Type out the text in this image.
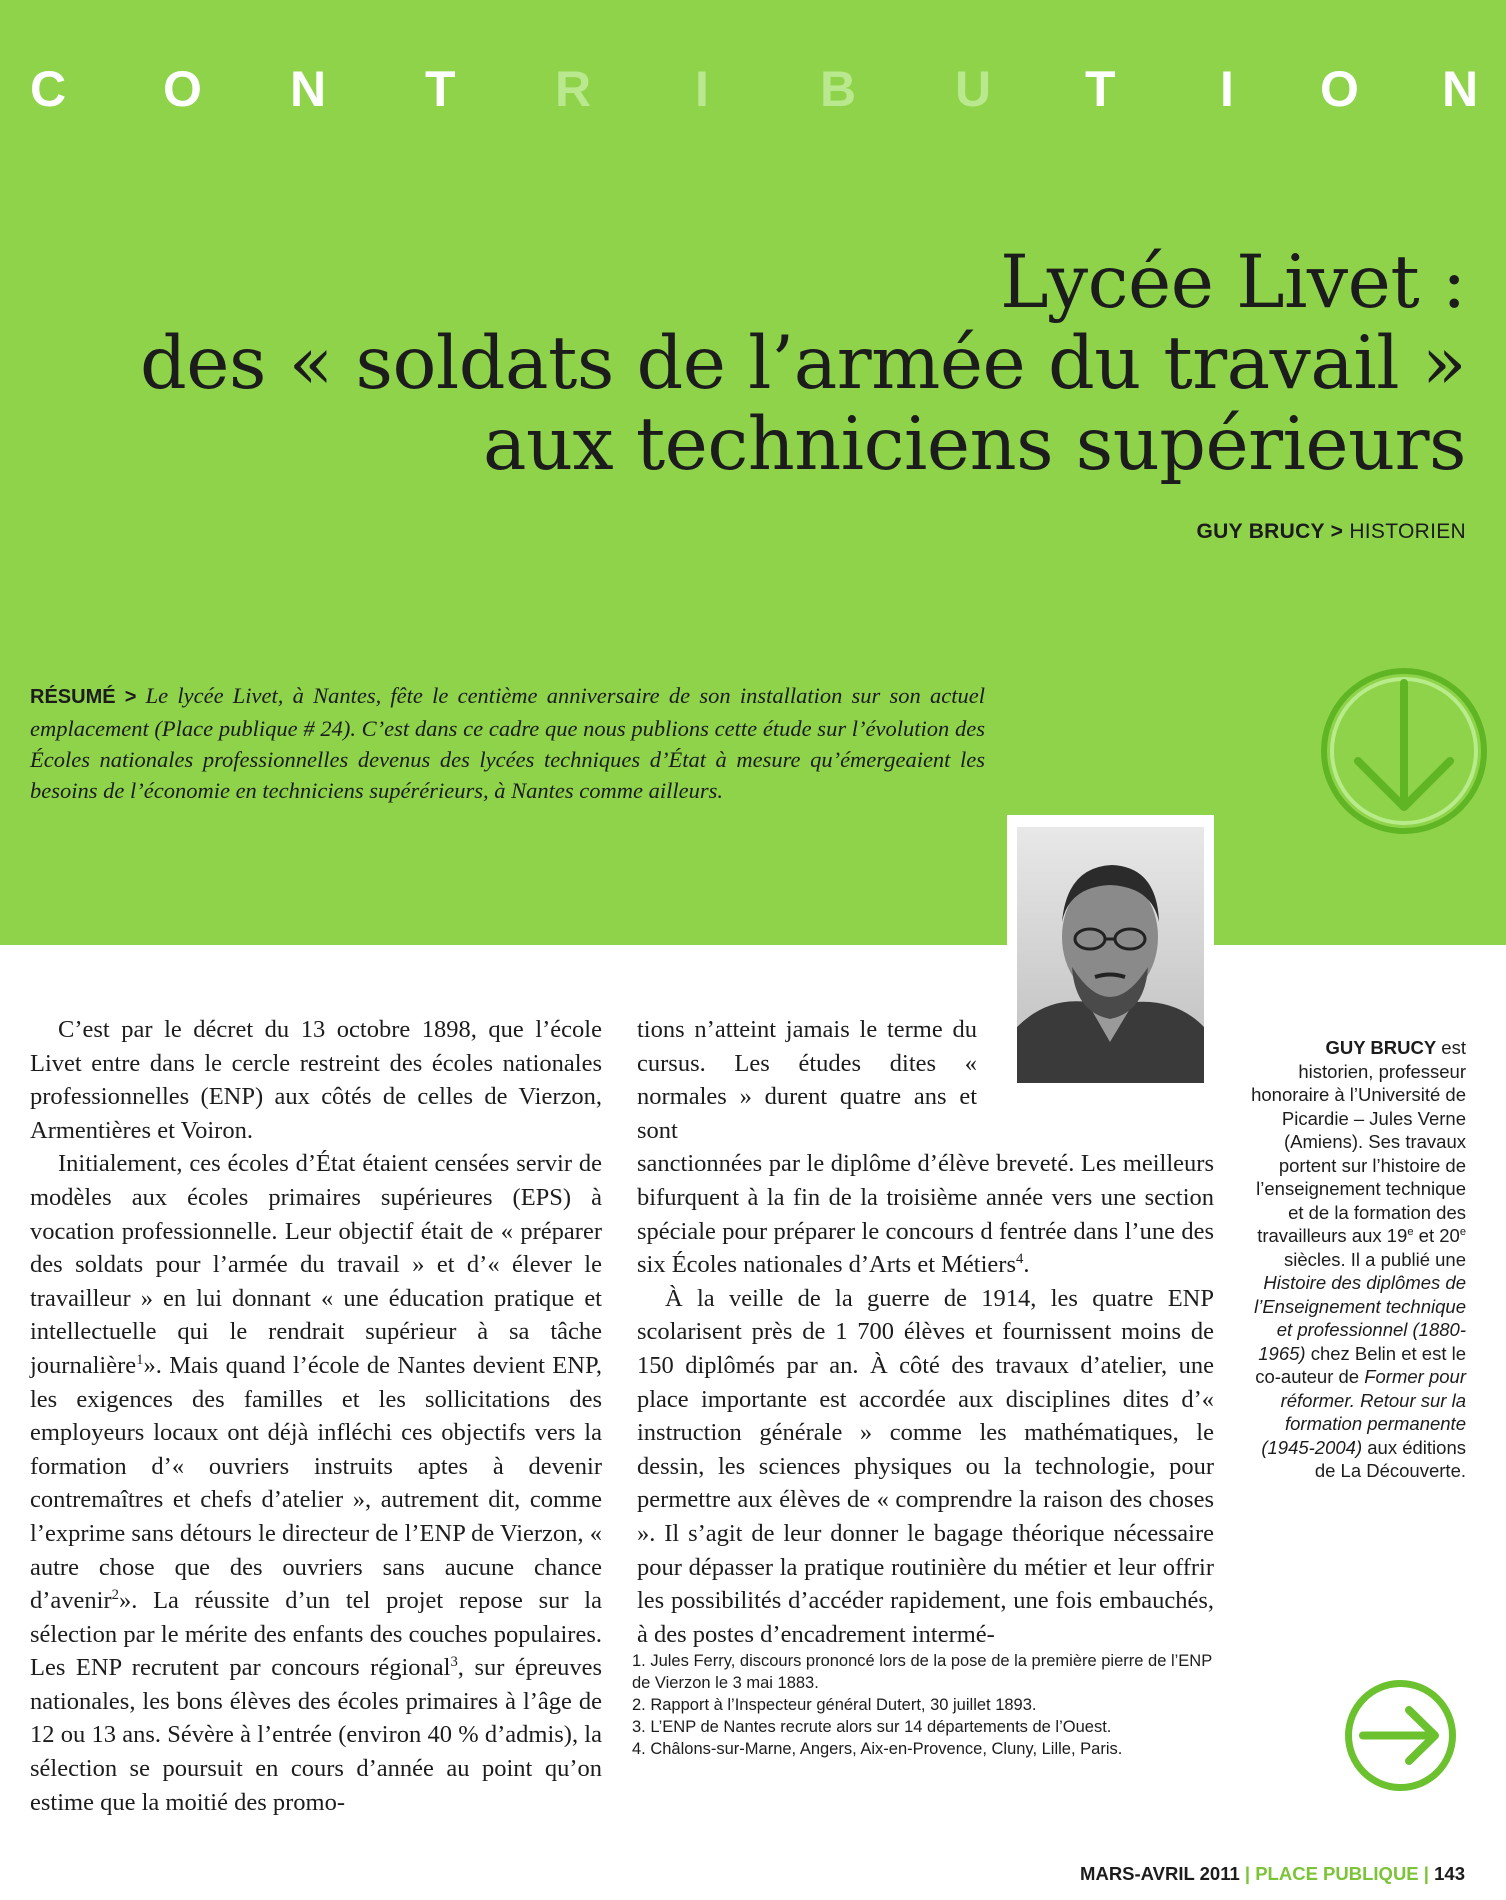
C O N T R I B U T I O N
Lycée Livet :
des « soldats de l’armée du travail »
aux techniciens supérieurs
GUY BRUCY > HISTORIEN
RÉSUMÉ > Le lycée Livet, à Nantes, fête le centième anniversaire de son installation sur son actuel emplacement (Place publique # 24). C’est dans ce cadre que nous publions cette étude sur l’évolution des Écoles nationales professionnelles devenus des lycées techniques d’État à mesure qu’émergeaient les besoins de l’économie en techniciens supérérieurs, à Nantes comme ailleurs.

C’est par le décret du 13 octobre 1898, que l’école Livet entre dans le cercle restreint des écoles nationales professionnelles (ENP) aux côtés de celles de Vierzon, Armentières et Voiron.

Initialement, ces écoles d’État étaient censées servir de modèles aux écoles primaires supérieures (EPS) à vocation professionnelle. Leur objectif était de « préparer des soldats pour l’armée du travail » et d’« élever le travailleur » en lui donnant « une éducation pratique et intellectuelle qui le rendrait supérieur à sa tâche journalière$^1$». Mais quand l’école de Nantes devient ENP, les exigences des familles et les sollicitations des employeurs locaux ont déjà infléchi ces objectifs vers la formation d’« ouvriers instruits aptes à devenir contremaîtres et chefs d’atelier », autrement dit, comme l’exprime sans détours le directeur de l’ENP de Vierzon, « autre chose que des ouvriers sans aucune chance d’avenir$^2$». La réussite d’un tel projet repose sur la sélection par le mérite des enfants des couches populaires. Les ENP recrutent par concours régional$^3$, sur épreuves nationales, les bons élèves des écoles primaires à l’âge de 12 ou 13 ans. Sévère à l’entrée (environ 40 % d’admis), la sélection se poursuit en cours d’année au point qu’on estime que la moitié des promo-

tions n’atteint jamais le terme du cursus. Les études dites « normales » durent quatre ans et sont

sanctionnées par le diplôme d’élève breveté. Les meilleurs bifurquent à la fin de la troisième année vers une section spéciale pour préparer le concours d fentrée dans l’une des six Écoles nationales d’Arts et Métiers$^4$.

À la veille de la guerre de 1914, les quatre ENP scolarisent près de 1 700 élèves et fournissent moins de 150 diplômés par an. À côté des travaux d’atelier, une place importante est accordée aux disciplines dites d’« instruction générale » comme les mathématiques, le dessin, les sciences physiques ou la technologie, pour permettre aux élèves de « comprendre la raison des choses ». Il s’agit de leur donner le bagage théorique nécessaire pour dépasser la pratique routinière du métier et leur offrir les possibilités d’accéder rapidement, une fois embauchés, à des postes d’encadrement intermé-

GUY BRUCY est historien, professeur honoraire à l’Université de Picardie – Jules Verne (Amiens). Ses travaux portent sur l’histoire de l’enseignement technique et de la formation des travailleurs aux 19e et 20e siècles. Il a publié une Histoire des diplômes de l’Enseignement technique et professionnel (1880-1965) chez Belin et est le co-auteur de Former pour réformer. Retour sur la formation permanente (1945-2004) aux éditions de La Découverte.
1. Jules Ferry, discours prononcé lors de la pose de la première pierre de l’ENP de Vierzon le 3 mai 1883.
2. Rapport à l’Inspecteur général Dutert, 30 juillet 1893.
3. L’ENP de Nantes recrute alors sur 14 départements de l’Ouest.
4. Châlons-sur-Marne, Angers, Aix-en-Provence, Cluny, Lille, Paris.
MARS-AVRIL 2011 | PLACE PUBLIQUE | 143
